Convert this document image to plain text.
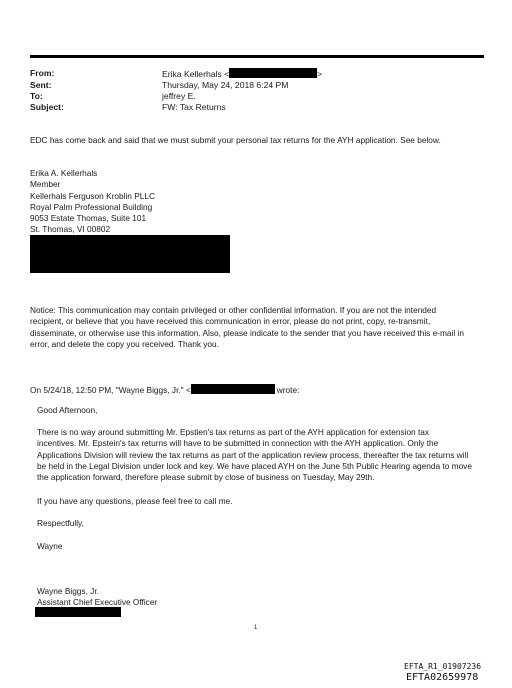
From:	Erika Kellerhals <	>
Sent:	Thursday, May 24, 2018 6:24 PM
To:	jeffrey E.
Subject:	FW: Tax Returns
EDC has come back and said that we must submit your personal tax returns for the AYH application. See below.
Erika A. Kellerhals
Member
Kellerhals Ferguson Kroblin PLLC
Royal Palm Professional Building
9053 Estate Thomas, Suite 101
St. Thomas, VI 00802
Notice: This communication may contain privileged or other confidential information. If you are not the intended
recipient, or believe that you have received this communication in error, please do not print, copy, re-transmit,
disseminate, or otherwise use this information. Also, please indicate to the sender that you have received this e-mail in
error, and delete the copy you received. Thank you.
On 5/24/18, 12:50 PM, "Wayne Biggs, Jr." <	wrote:
Good Afternoon,
There is no way around submitting Mr. Epstien's tax returns as part of the AYH application for extension tax
incentives. Mr. Epstein's tax returns will have to be submitted in connection with the AYH application. Only the
Applications Division will review the tax returns as part of the application review process, thereafter the tax returns will
be held in the Legal Division under lock and key. We have placed AYH on the June 5th Public Hearing agenda to move
the application forward, therefore please submit by close of business on Tuesday, May 29th.
If you have any questions, please feel free to call me.
Respectfully,
Wayne
Wayne Biggs, Jr.
Assistant Chief Executive Officer
1
EFTA_R1_01907236
EFTA02659978
